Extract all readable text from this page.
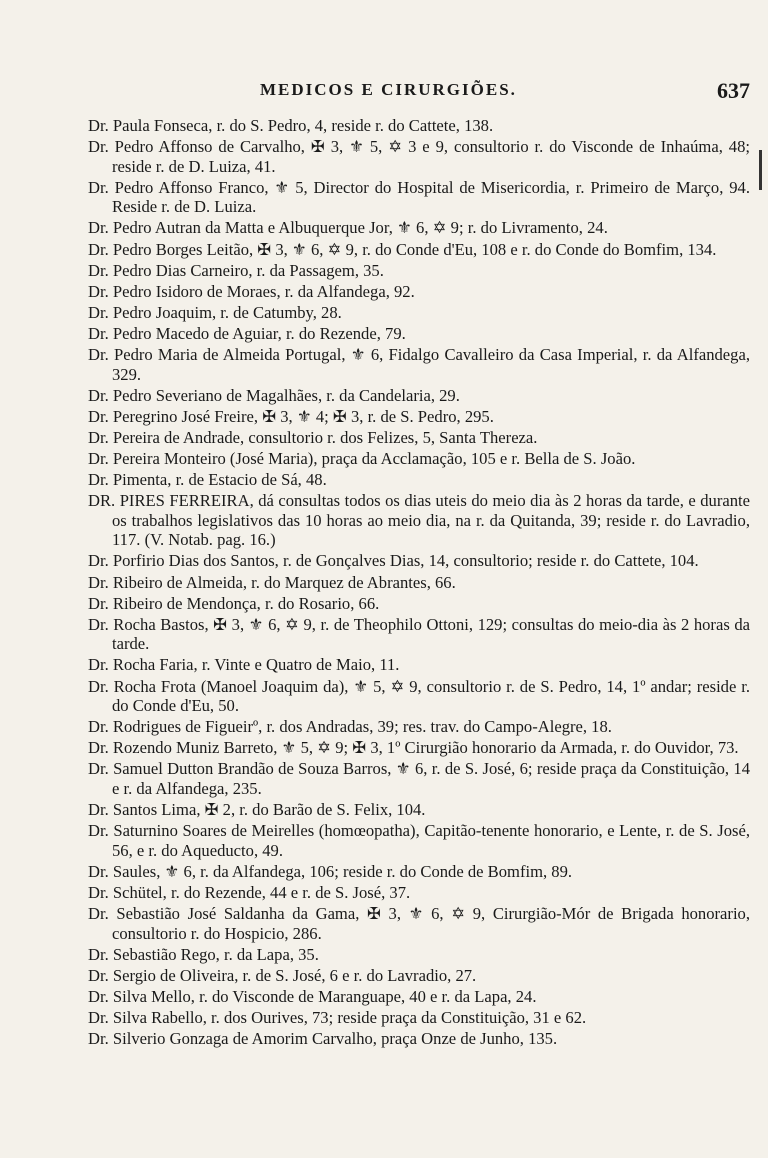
MEDICOS E CIRURGIÕES.	637

Dr. Paula Fonseca, r. do S. Pedro, 4, reside r. do Cattete, 138.

Dr. Pedro Affonso de Carvalho, ✠ 3, ⚜ 5, ✡ 3 e 9, consultorio r. do Visconde de Inhaúma, 48; reside r. de D. Luiza, 41.

Dr. Pedro Affonso Franco, ⚜ 5, Director do Hospital de Misericordia, r. Primeiro de Março, 94. Reside r. de D. Luiza.

Dr. Pedro Autran da Matta e Albuquerque Jor, ⚜ 6, ✡ 9; r. do Livramento, 24.

Dr. Pedro Borges Leitão, ✠ 3, ⚜ 6, ✡ 9, r. do Conde d'Eu, 108 e r. do Conde do Bomfim, 134.

Dr. Pedro Dias Carneiro, r. da Passagem, 35.

Dr. Pedro Isidoro de Moraes, r. da Alfandega, 92.

Dr. Pedro Joaquim, r. de Catumby, 28.

Dr. Pedro Macedo de Aguiar, r. do Rezende, 79.

Dr. Pedro Maria de Almeida Portugal, ⚜ 6, Fidalgo Cavalleiro da Casa Imperial, r. da Alfandega, 329.

Dr. Pedro Severiano de Magalhães, r. da Candelaria, 29.

Dr. Peregrino José Freire, ✠ 3, ⚜ 4; ✠ 3, r. de S. Pedro, 295.

Dr. Pereira de Andrade, consultorio r. dos Felizes, 5, Santa Thereza.

Dr. Pereira Monteiro (José Maria), praça da Acclamação, 105 e r. Bella de S. João.

Dr. Pimenta, r. de Estacio de Sá, 48.

DR. PIRES FERREIRA, dá consultas todos os dias uteis do meio dia às 2 horas da tarde, e durante os trabalhos legislativos das 10 horas ao meio dia, na r. da Quitanda, 39; reside r. do Lavradio, 117. (V. Notab. pag. 16.)

Dr. Porfirio Dias dos Santos, r. de Gonçalves Dias, 14, consultorio; reside r. do Cattete, 104.

Dr. Ribeiro de Almeida, r. do Marquez de Abrantes, 66.

Dr. Ribeiro de Mendonça, r. do Rosario, 66.

Dr. Rocha Bastos, ✠ 3, ⚜ 6, ✡ 9, r. de Theophilo Ottoni, 129; consultas do meio-dia às 2 horas da tarde.

Dr. Rocha Faria, r. Vinte e Quatro de Maio, 11.

Dr. Rocha Frota (Manoel Joaquim da), ⚜ 5, ✡ 9, consultorio r. de S. Pedro, 14, 1º andar; reside r. do Conde d'Eu, 50.

Dr. Rodrigues de Figueirº, r. dos Andradas, 39; res. trav. do Campo-Alegre, 18.

Dr. Rozendo Muniz Barreto, ⚜ 5, ✡ 9; ✠ 3, 1º Cirurgião honorario da Armada, r. do Ouvidor, 73.

Dr. Samuel Dutton Brandão de Souza Barros, ⚜ 6, r. de S. José, 6; reside praça da Constituição, 14 e r. da Alfandega, 235.

Dr. Santos Lima, ✠ 2, r. do Barão de S. Felix, 104.

Dr. Saturnino Soares de Meirelles (homœopatha), Capitão-tenente honorario, e Lente, r. de S. José, 56, e r. do Aqueducto, 49.

Dr. Saules, ⚜ 6, r. da Alfandega, 106; reside r. do Conde de Bomfim, 89.

Dr. Schütel, r. do Rezende, 44 e r. de S. José, 37.

Dr. Sebastião José Saldanha da Gama, ✠ 3, ⚜ 6, ✡ 9, Cirurgião-Mór de Brigada honorario, consultorio r. do Hospicio, 286.

Dr. Sebastião Rego, r. da Lapa, 35.

Dr. Sergio de Oliveira, r. de S. José, 6 e r. do Lavradio, 27.

Dr. Silva Mello, r. do Visconde de Maranguape, 40 e r. da Lapa, 24.

Dr. Silva Rabello, r. dos Ourives, 73; reside praça da Constituição, 31 e 62.

Dr. Silverio Gonzaga de Amorim Carvalho, praça Onze de Junho, 135.
